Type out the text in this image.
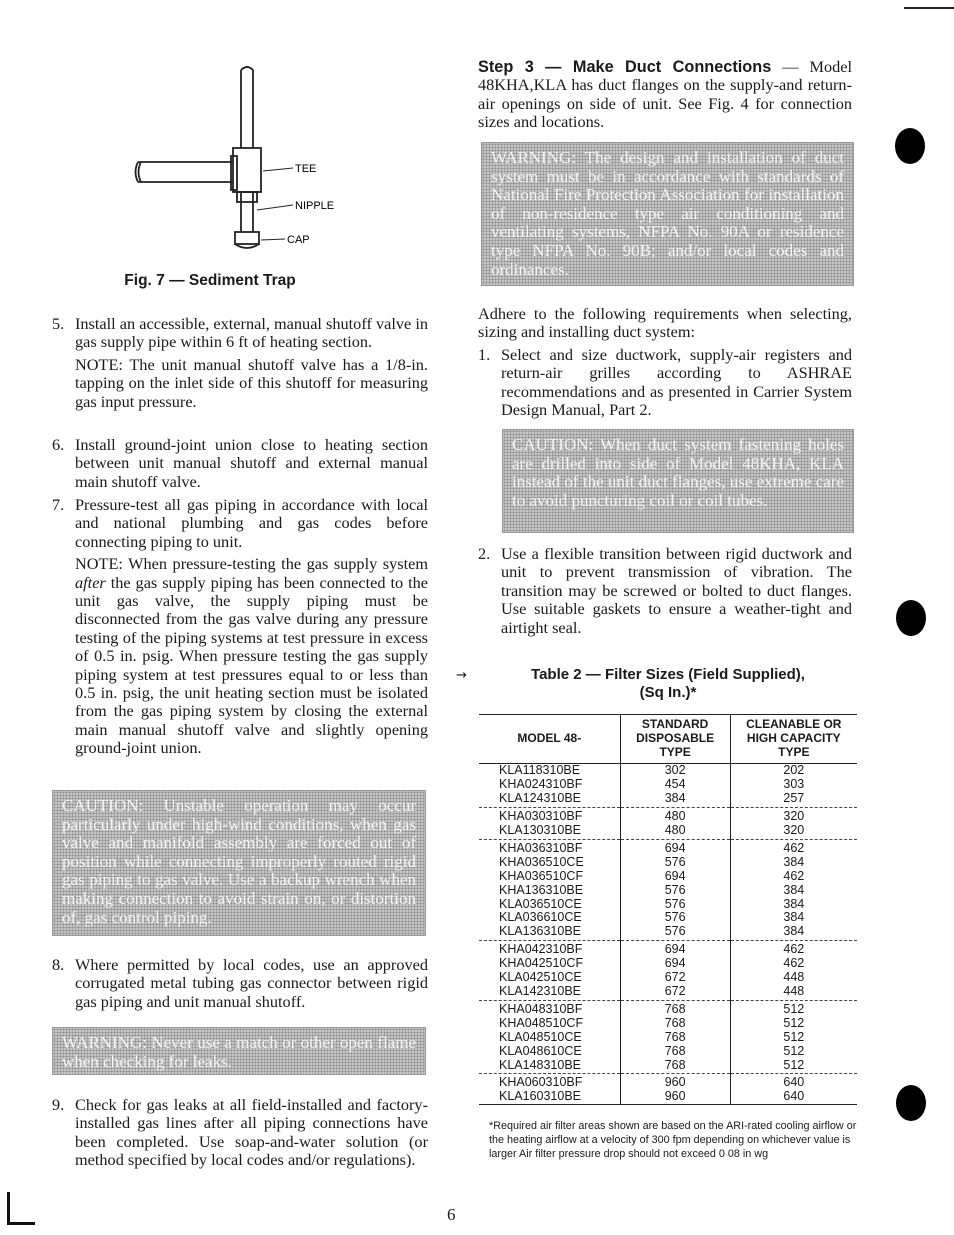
TEE
NIPPLE
CAP
Fig. 7 — Sediment Trap
5. Install an accessible, external, manual shutoff valve in gas supply pipe within 6 ft of heating section.

NOTE: The unit manual shutoff valve has a 1/8-in. tapping on the inlet side of this shutoff for measuring gas input pressure.

6. Install ground-joint union close to heating section between unit manual shutoff and external manual main shutoff valve.

7. Pressure-test all gas piping in accordance with local and national plumbing and gas codes before connecting piping to unit.

NOTE: When pressure-testing the gas supply system after the gas supply piping has been connected to the unit gas valve, the supply piping must be disconnected from the gas valve during any pressure testing of the piping systems at test pressure in excess of 0.5 in. psig. When pressure testing the gas supply piping system at test pressures equal to or less than 0.5 in. psig, the unit heating section must be isolated from the gas piping system by closing the external main manual shutoff valve and slightly opening ground-joint union.

CAUTION: Unstable operation may occur particularly under high-wind conditions, when gas valve and manifold assembly are forced out of position while connecting improperly routed rigid gas piping to gas valve. Use a backup wrench when making connection to avoid strain on, or distortion of, gas control piping.
8. Where permitted by local codes, use an approved corrugated metal tubing gas connector between rigid gas piping and unit manual shutoff.

WARNING: Never use a match or other open flame when checking for leaks.
9. Check for gas leaks at all field-installed and factory-installed gas lines after all piping connections have been completed. Use soap-and-water solution (or method specified by local codes and/or regulations).

Step 3 — Make Duct Connections — Model 48KHA,KLA has duct flanges on the supply-and return-air openings on side of unit. See Fig. 4 for connection sizes and locations.

WARNING: The design and installation of duct system must be in accordance with standards of National Fire Protection Association for installation of non-residence type air conditioning and ventilating systems, NFPA No. 90A or residence type NFPA No. 90B; and/or local codes and ordinances.

Adhere to the following requirements when selecting, sizing and installing duct system:

1. Select and size ductwork, supply-air registers and return-air grilles according to ASHRAE recommendations and as presented in Carrier System Design Manual, Part 2.

CAUTION: When duct system fastening holes are drilled into side of Model 48KHA, KLA instead of the unit duct flanges, use extreme care to avoid puncturing coil or coil tubes.
2. Use a flexible transition between rigid ductwork and unit to prevent transmission of vibration. The transition may be screwed or bolted to duct flanges. Use suitable gaskets to ensure a weather-tight and airtight seal.

→	Table 2 — Filter Sizes (Field Supplied),
(Sq In.)*
MODEL 48-	STANDARD DISPOSABLE TYPE	CLEANABLE OR HIGH CAPACITY TYPE
KLA118310BE	302	202
KHA024310BF	454	303
KLA124310BE	384	257
KHA030310BF	480	320
KLA130310BE	480	320
KHA036310BF	694	462
KHA036510CE	576	384
KHA036510CF	694	462
KHA136310BE	576	384
KLA036510CE	576	384
KLA036610CE	576	384
KLA136310BE	576	384
KHA042310BF	694	462
KHA042510CF	694	462
KLA042510CE	672	448
KLA142310BE	672	448
KHA048310BF	768	512
KHA048510CF	768	512
KLA048510CE	768	512
KLA048610CE	768	512
KLA148310BE	768	512
KHA060310BF	960	640
KLA160310BE	960	640
*Required air filter areas shown are based on the ARI-rated cooling airflow or the heating airflow at a velocity of 300 fpm depending on whichever value is larger Air filter pressure drop should not exceed 0 08 in wg
6
